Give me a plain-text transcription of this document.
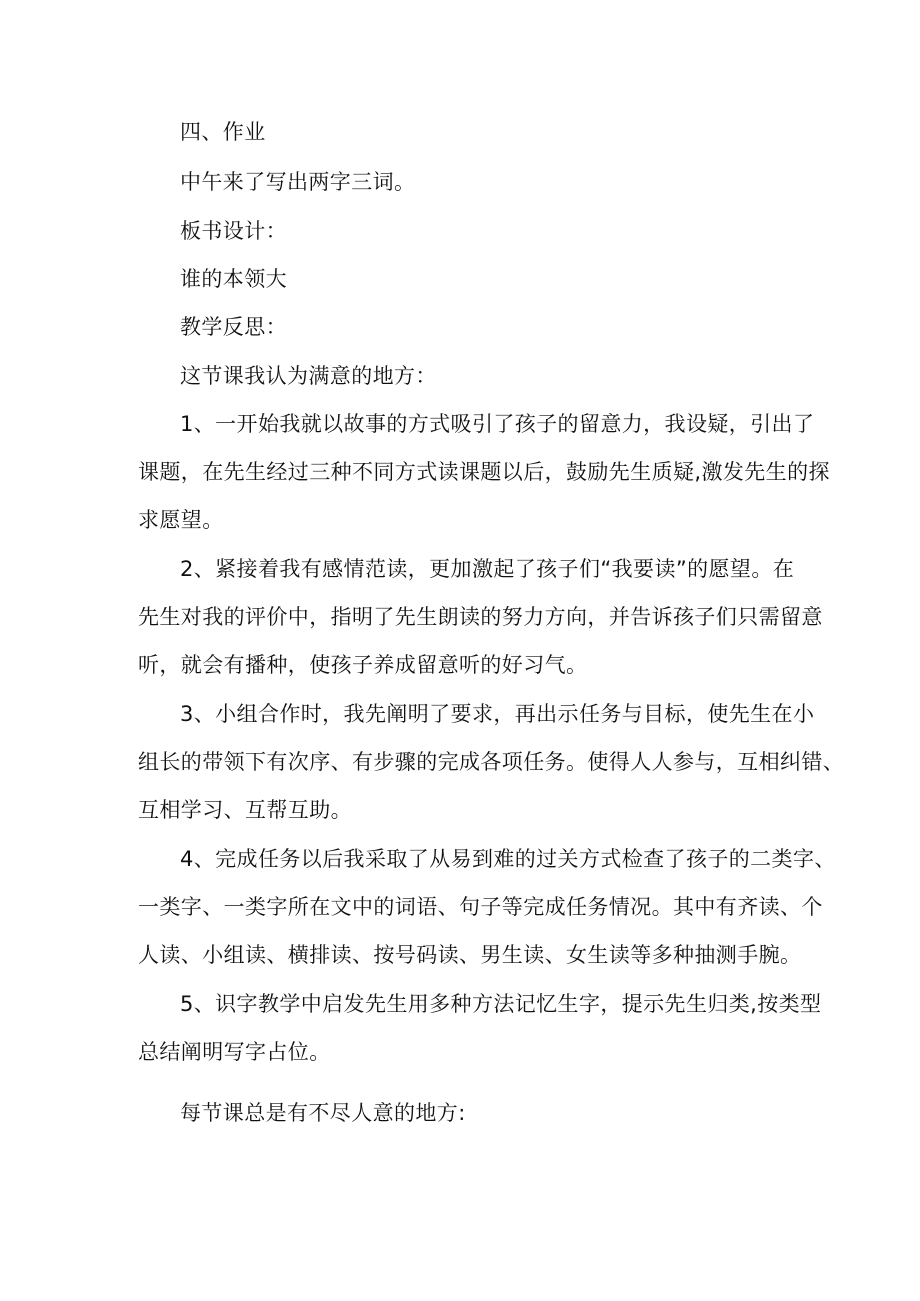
四、作业

中午来了写出两字三词。

板书设计：

谁的本领大

教学反思：

这节课我认为满意的地方：

1、一开始我就以故事的方式吸引了孩子的留意力，我设疑，引出了

课题，在先生经过三种不同方式读课题以后，鼓励先生质疑,激发先生的探

求愿望。

2、紧接着我有感情范读，更加激起了孩子们“我要读”的愿望。在

先生对我的评价中，指明了先生朗读的努力方向，并告诉孩子们只需留意

听，就会有播种，使孩子养成留意听的好习气。

3、小组合作时，我先阐明了要求，再出示任务与目标，使先生在小

组长的带领下有次序、有步骤的完成各项任务。使得人人参与，互相纠错、

互相学习、互帮互助。

4、完成任务以后我采取了从易到难的过关方式检查了孩子的二类字、

一类字、一类字所在文中的词语、句子等完成任务情况。其中有齐读、个

人读、小组读、横排读、按号码读、男生读、女生读等多种抽测手腕。

5、识字教学中启发先生用多种方法记忆生字，提示先生归类,按类型

总结阐明写字占位。

每节课总是有不尽人意的地方:
